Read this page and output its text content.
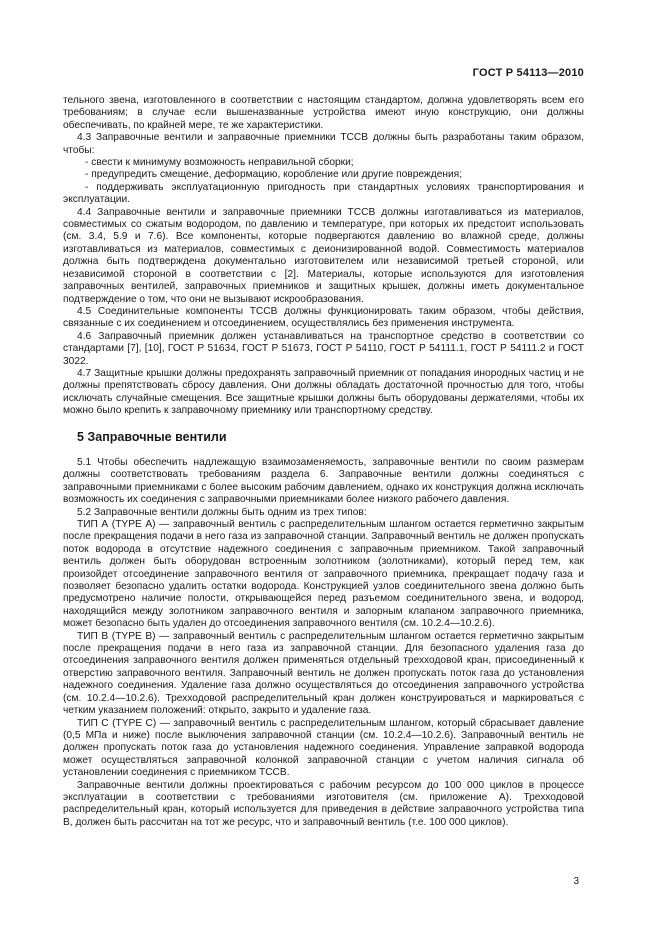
ГОСТ Р 54113—2010

тельного звена, изготовленного в соответствии с настоящим стандартом, должна удовлетворять всем его требованиям; в случае если вышеназванные устройства имеют иную конструкцию, они должны обеспечивать, по крайней мере, те же характеристики.

4.3 Заправочные вентили и заправочные приемники ТССВ должны быть разработаны таким образом, чтобы:

- свести к минимуму возможность неправильной сборки;

- предупредить смещение, деформацию, коробление или другие повреждения;

- поддерживать эксплуатационную пригодность при стандартных условиях транспортирования и эксплуатации.

4.4 Заправочные вентили и заправочные приемники ТССВ должны изготавливаться из материалов, совместимых со сжатым водородом, по давлению и температуре, при которых их предстоит использовать (см. 3.4, 5.9 и 7.6). Все компоненты, которые подвергаются давлению во влажной среде, должны изготавливаться из материалов, совместимых с деионизированной водой. Совместимость материалов должна быть подтверждена документально изготовителем или независимой третьей стороной, или независимой стороной в соответствии с [2]. Материалы, которые используются для изготовления заправочных вентилей, заправочных приемников и защитных крышек, должны иметь документальное подтверждение о том, что они не вызывают искрообразования.

4.5 Соединительные компоненты ТССВ должны функционировать таким образом, чтобы действия, связанные с их соединением и отсоединением, осуществлялись без применения инструмента.

4.6 Заправочный приемник должен устанавливаться на транспортное средство в соответствии со стандартами [7], [10], ГОСТ Р 51634, ГОСТ Р 51673, ГОСТ Р 54110, ГОСТ Р 54111.1, ГОСТ Р 54111.2 и ГОСТ 3022.

4.7 Защитные крышки должны предохранять заправочный приемник от попадания инородных частиц и не должны препятствовать сбросу давления. Они должны обладать достаточной прочностью для того, чтобы исключать случайные смещения. Все защитные крышки должны быть оборудованы держателями, чтобы их можно было крепить к заправочному приемнику или транспортному средству.

5 Заправочные вентили

5.1 Чтобы обеспечить надлежащую взаимозаменяемость, заправочные вентили по своим размерам должны соответствовать требованиям раздела 6. Заправочные вентили должны соединяться с заправочными приемниками с более высоким рабочим давлением, однако их конструкция должна исключать возможность их соединения с заправочными приемниками более низкого рабочего давления.

5.2 Заправочные вентили должны быть одним из трех типов:

ТИП А (TYPE А) — заправочный вентиль с распределительным шлангом остается герметично закрытым после прекращения подачи в него газа из заправочной станции. Заправочный вентиль не должен пропускать поток водорода в отсутствие надежного соединения с заправочным приемником. Такой заправочный вентиль должен быть оборудован встроенным золотником (золотниками), который перед тем, как произойдет отсоединение заправочного вентиля от заправочного приемника, прекращает подачу газа и позволяет безопасно удалить остатки водорода. Конструкцией узлов соединительного звена должно быть предусмотрено наличие полости, открывающейся перед разъемом соединительного звена, и водород, находящийся между золотником заправочного вентиля и запорным клапаном заправочного приемника, может безопасно быть удален до отсоединения заправочного вентиля (см. 10.2.4—10.2.6).

ТИП В (TYPE В) — заправочный вентиль с распределительным шлангом остается герметично закрытым после прекращения подачи в него газа из заправочной станции. Для безопасного удаления газа до отсоединения заправочного вентиля должен применяться отдельный трехходовой кран, присоединенный к отверстию заправочного вентиля. Заправочный вентиль не должен пропускать поток газа до установления надежного соединения. Удаление газа должно осуществляться до отсоединения заправочного устройства (см. 10.2.4—10.2.6). Трехходовой распределительный кран должен конструироваться и маркироваться с четким указанием положений: открыто, закрыто и удаление газа.

ТИП С (TYPE С) — заправочный вентиль с распределительным шлангом, который сбрасывает давление (0,5 МПа и ниже) после выключения заправочной станции (см. 10.2.4—10.2.6). Заправочный вентиль не должен пропускать поток газа до установления надежного соединения. Управление заправкой водорода может осуществляться заправочной колонкой заправочной станции с учетом наличия сигнала об установлении соединения с приемником ТССВ.

Заправочные вентили должны проектироваться с рабочим ресурсом до 100 000 циклов в процессе эксплуатации в соответствии с требованиями изготовителя (см. приложение А). Трехходовой распределительный кран, который используется для приведения в действие заправочного устройства типа В, должен быть рассчитан на тот же ресурс, что и заправочный вентиль (т.е. 100 000 циклов).

3
